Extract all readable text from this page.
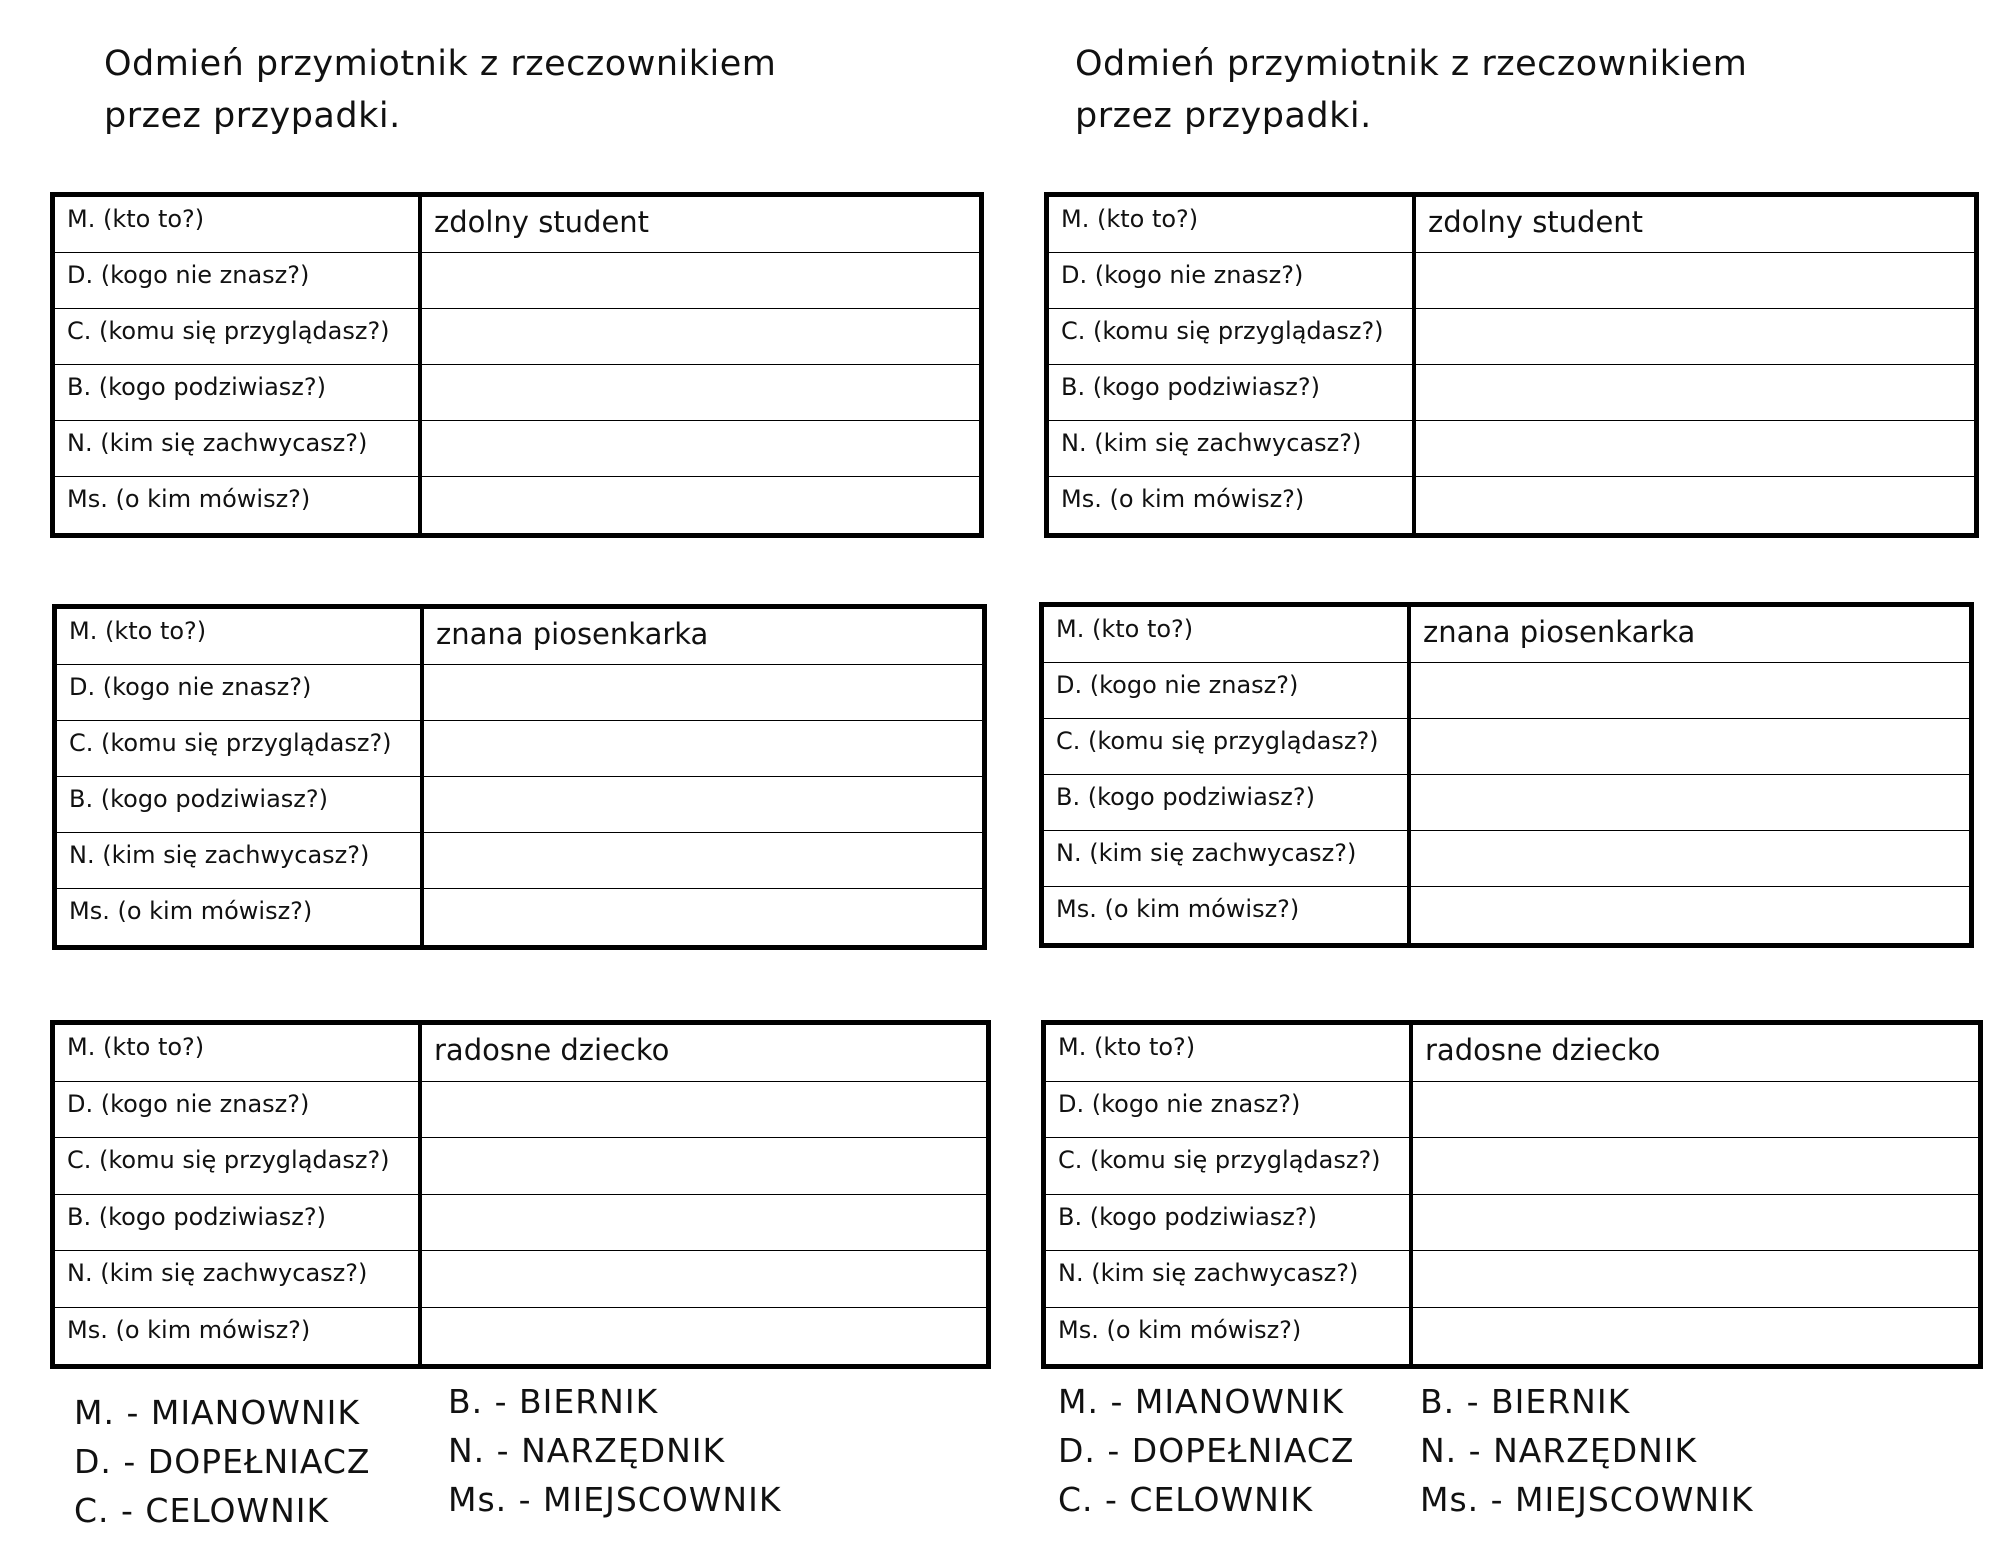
Odmień przymiotnik z rzeczownikiem
przez przypadki.
Odmień przymiotnik z rzeczownikiem
przez przypadki.
M. (kto to?)	zdolny student
D. (kogo nie znasz?)
C. (komu się przyglądasz?)
B. (kogo podziwiasz?)
N. (kim się zachwycasz?)
Ms. (o kim mówisz?)
M. (kto to?)	zdolny student
D. (kogo nie znasz?)
C. (komu się przyglądasz?)
B. (kogo podziwiasz?)
N. (kim się zachwycasz?)
Ms. (o kim mówisz?)
M. (kto to?)	znana piosenkarka
D. (kogo nie znasz?)
C. (komu się przyglądasz?)
B. (kogo podziwiasz?)
N. (kim się zachwycasz?)
Ms. (o kim mówisz?)
M. (kto to?)	znana piosenkarka
D. (kogo nie znasz?)
C. (komu się przyglądasz?)
B. (kogo podziwiasz?)
N. (kim się zachwycasz?)
Ms. (o kim mówisz?)
M. (kto to?)	radosne dziecko
D. (kogo nie znasz?)
C. (komu się przyglądasz?)
B. (kogo podziwiasz?)
N. (kim się zachwycasz?)
Ms. (o kim mówisz?)
M. (kto to?)	radosne dziecko
D. (kogo nie znasz?)
C. (komu się przyglądasz?)
B. (kogo podziwiasz?)
N. (kim się zachwycasz?)
Ms. (o kim mówisz?)
M. - MIANOWNIK
D. - DOPEŁNIACZ
C. - CELOWNIK
B. - BIERNIK
N. - NARZĘDNIK
Ms. - MIEJSCOWNIK
M. - MIANOWNIK
D. - DOPEŁNIACZ
C. - CELOWNIK
B. - BIERNIK
N. - NARZĘDNIK
Ms. - MIEJSCOWNIK
